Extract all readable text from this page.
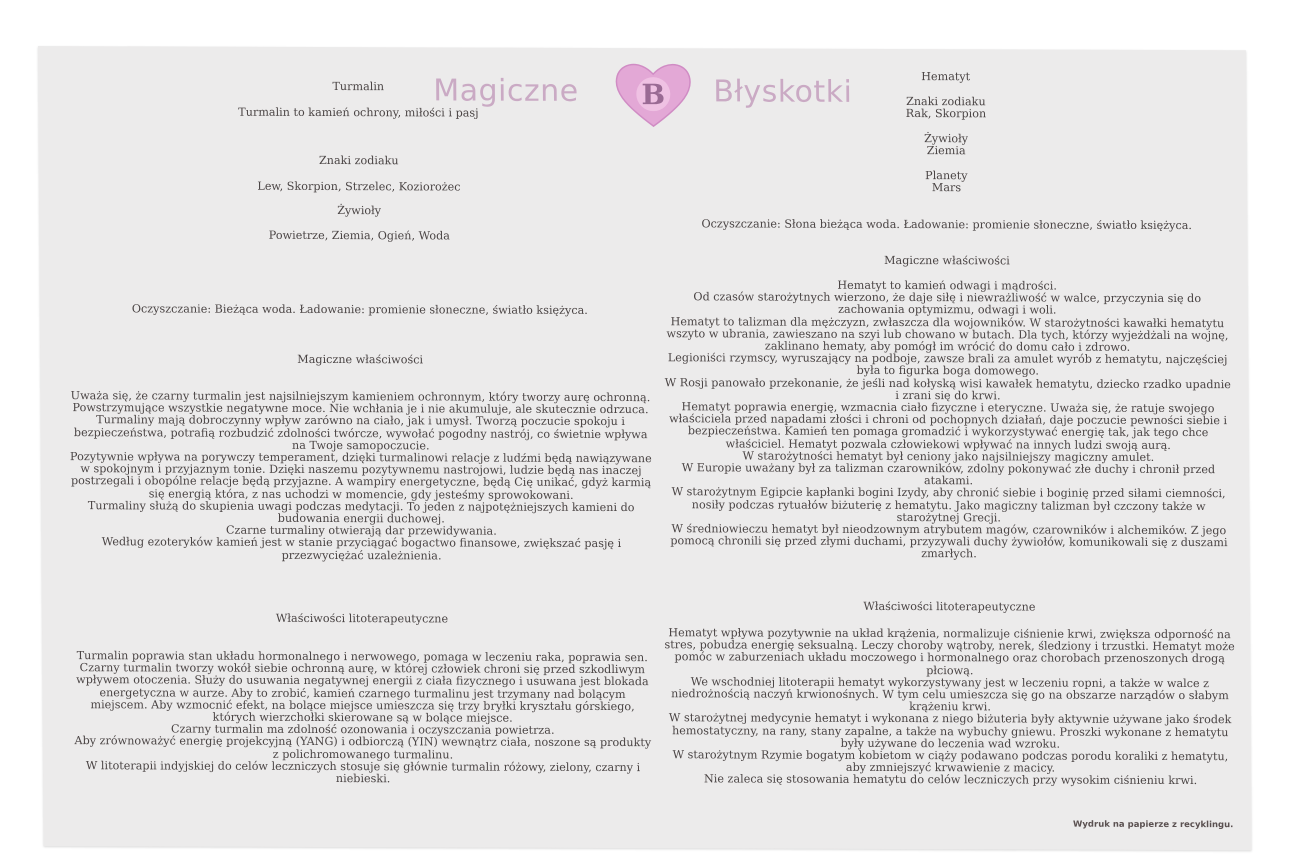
Magiczne B Błyskotki
Turmalin
Turmalin to kamień ochrony, miłości i pasj
Znaki zodiaku
Lew, Skorpion, Strzelec, Koziorożec
Żywioły
Powietrze, Ziemia, Ogień, Woda
Oczyszczanie: Bieżąca woda. Ładowanie: promienie słoneczne, światło księżyca.
Magiczne właściwości
Uważa się, że czarny turmalin jest najsilniejszym kamieniem ochronnym, który tworzy aurę ochronną.
Powstrzymujące wszystkie negatywne moce. Nie wchłania je i nie akumuluje, ale skutecznie odrzuca.
Turmaliny mają dobroczynny wpływ zarówno na ciało, jak i umysł. Tworzą poczucie spokoju i
bezpieczeństwa, potrafią rozbudzić zdolności twórcze, wywołać pogodny nastrój, co świetnie wpływa
na Twoje samopoczucie.
Pozytywnie wpływa na porywczy temperament, dzięki turmalinowi relacje z ludźmi będą nawiązywane
w spokojnym i przyjaznym tonie. Dzięki naszemu pozytywnemu nastrojowi, ludzie będą nas inaczej
postrzegali i obopólne relacje będą przyjazne. A wampiry energetyczne, będą Cię unikać, gdyż karmią
się energią która, z nas uchodzi w momencie, gdy jesteśmy sprowokowani.
Turmaliny służą do skupienia uwagi podczas medytacji. To jeden z najpotężniejszych kamieni do
budowania energii duchowej.
Czarne turmaliny otwierają dar przewidywania.
Według ezoteryków kamień jest w stanie przyciągać bogactwo finansowe, zwiększać pasję i
przezwyciężać uzależnienia.
Właściwości litoterapeutyczne
Turmalin poprawia stan układu hormonalnego i nerwowego, pomaga w leczeniu raka, poprawia sen.
Czarny turmalin tworzy wokół siebie ochronną aurę, w której człowiek chroni się przed szkodliwym
wpływem otoczenia. Służy do usuwania negatywnej energii z ciała fizycznego i usuwana jest blokada
energetyczna w aurze. Aby to zrobić, kamień czarnego turmalinu jest trzymany nad bolącym
miejscem. Aby wzmocnić efekt, na bolące miejsce umieszcza się trzy bryłki kryształu górskiego,
których wierzchołki skierowane są w bolące miejsce.
Czarny turmalin ma zdolność ozonowania i oczyszczania powietrza.
Aby zrównoważyć energię projekcyjną (YANG) i odbiorczą (YIN) wewnątrz ciała, noszone są produkty
z polichromowanego turmalinu.
W litoterapii indyjskiej do celów leczniczych stosuje się głównie turmalin różowy, zielony, czarny i
niebieski.
Hematyt
Znaki zodiaku
Rak, Skorpion
Żywioły
Ziemia
Planety
Mars
Oczyszczanie: Słona bieżąca woda. Ładowanie: promienie słoneczne, światło księżyca.
Magiczne właściwości
Hematyt to kamień odwagi i mądrości.
Od czasów starożytnych wierzono, że daje siłę i niewrażliwość w walce, przyczynia się do
zachowania optymizmu, odwagi i woli.
Hematyt to talizman dla mężczyzn, zwłaszcza dla wojowników. W starożytności kawałki hematytu
wszyto w ubrania, zawieszano na szyi lub chowano w butach. Dla tych, którzy wyjeżdżali na wojnę,
zaklinano hematy, aby pomógł im wrócić do domu cało i zdrowo.
Legioniści rzymscy, wyruszający na podboje, zawsze brali za amulet wyrób z hematytu, najczęściej
była to figurka boga domowego.
W Rosji panowało przekonanie, że jeśli nad kołyską wisi kawałek hematytu, dziecko rzadko upadnie
i zrani się do krwi.
Hematyt poprawia energię, wzmacnia ciało fizyczne i eteryczne. Uważa się, że ratuje swojego
właściciela przed napadami złości i chroni od pochopnych działań, daje poczucie pewności siebie i
bezpieczeństwa. Kamień ten pomaga gromadzić i wykorzystywać energię tak, jak tego chce
właściciel. Hematyt pozwala człowiekowi wpływać na innych ludzi swoją aurą.
W starożytności hematyt był ceniony jako najsilniejszy magiczny amulet.
W Europie uważany był za talizman czarowników, zdolny pokonywać złe duchy i chronił przed
atakami.
W starożytnym Egipcie kapłanki bogini Izydy, aby chronić siebie i boginię przed siłami ciemności,
nosiły podczas rytuałów biżuterię z hematytu. Jako magiczny talizman był czczony także w
starożytnej Grecji.
W średniowieczu hematyt był nieodzownym atrybutem magów, czarowników i alchemików. Z jego
pomocą chronili się przed złymi duchami, przyzywali duchy żywiołów, komunikowali się z duszami
zmarłych.
Właściwości litoterapeutyczne
Hematyt wpływa pozytywnie na układ krążenia, normalizuje ciśnienie krwi, zwiększa odporność na
stres, pobudza energię seksualną. Leczy choroby wątroby, nerek, śledziony i trzustki. Hematyt może
pomóc w zaburzeniach układu moczowego i hormonalnego oraz chorobach przenoszonych drogą
płciową.
We wschodniej litoterapii hematyt wykorzystywany jest w leczeniu ropni, a także w walce z
niedrożnością naczyń krwionośnych. W tym celu umieszcza się go na obszarze narządów o słabym
krążeniu krwi.
W starożytnej medycynie hematyt i wykonana z niego biżuteria były aktywnie używane jako środek
hemostatyczny, na rany, stany zapalne, a także na wybuchy gniewu. Proszki wykonane z hematytu
były używane do leczenia wad wzroku.
W starożytnym Rzymie bogatym kobietom w ciąży podawano podczas porodu koraliki z hematytu,
aby zmniejszyć krwawienie z macicy.
Nie zaleca się stosowania hematytu do celów leczniczych przy wysokim ciśnieniu krwi.
Wydruk na papierze z recyklingu.
